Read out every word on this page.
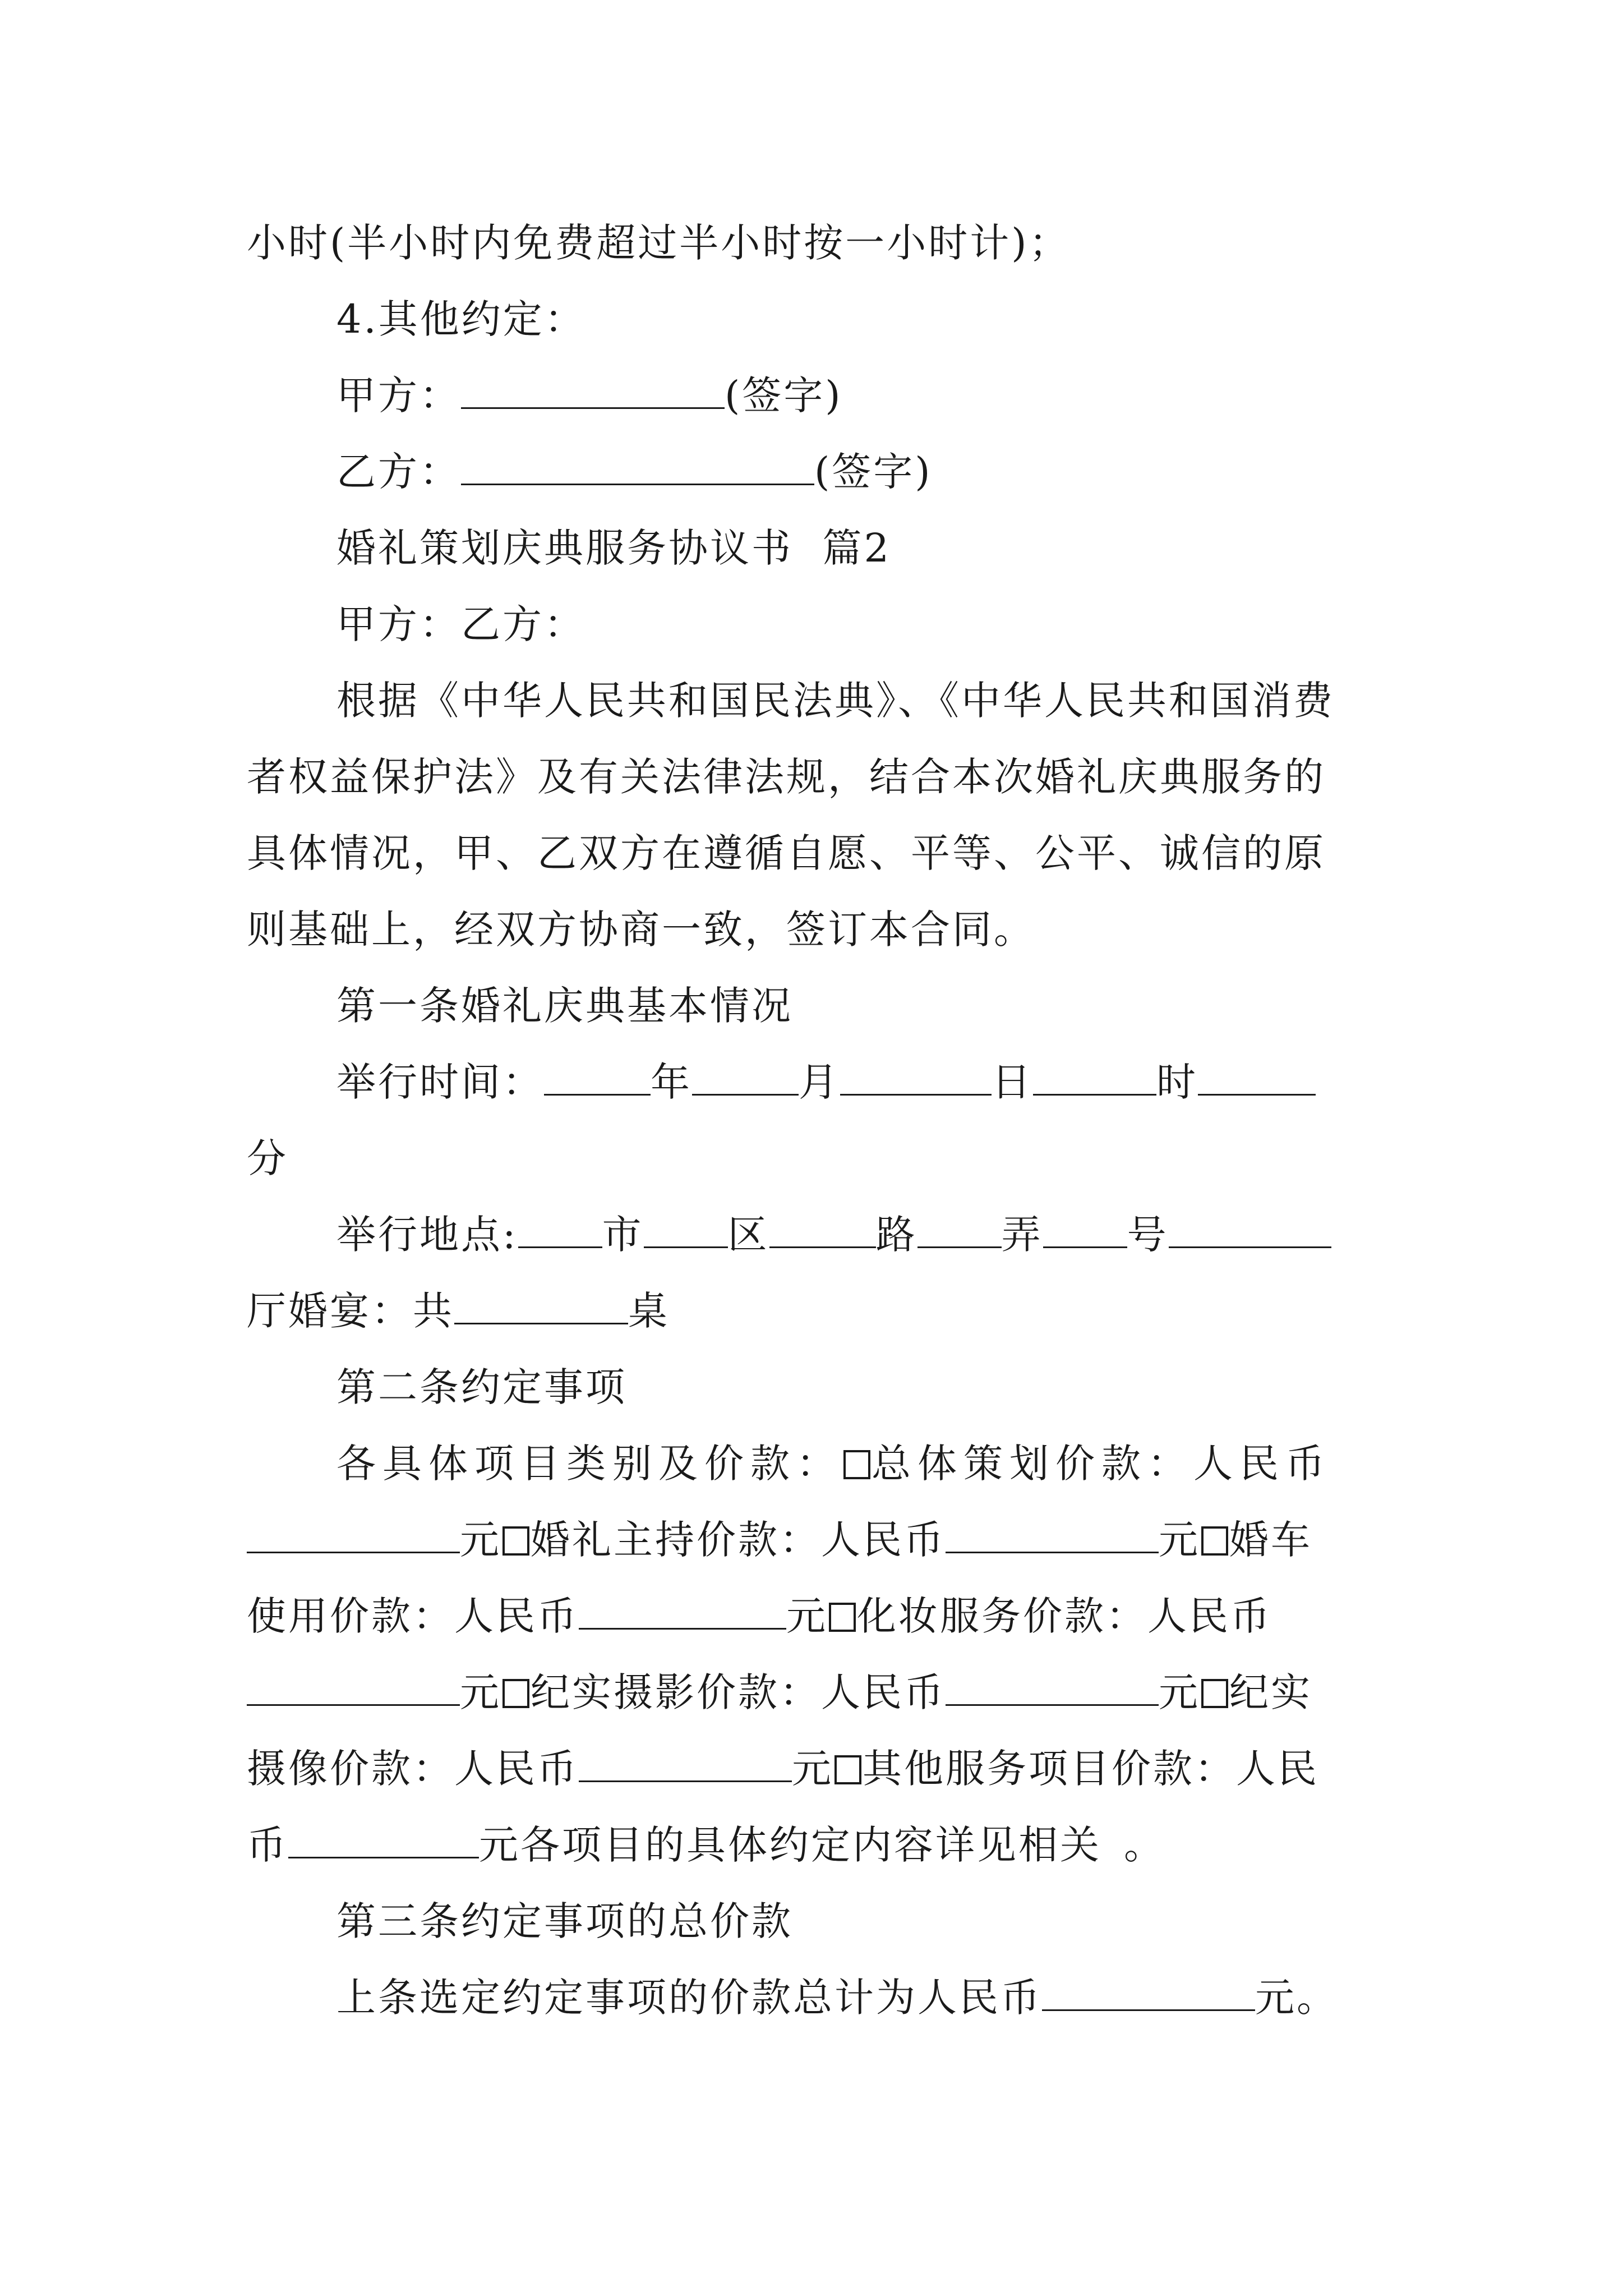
小时(半小时内免费超过半小时按一小时计)；
4.其他约定：
甲方：	(签字)
乙方：	(签字)
婚礼策划庆典服务协议书  篇2
甲方：乙方：
根据《中华人民共和国民法典》、《中华人民共和国消费
者权益保护法》及有关法律法规，结合本次婚礼庆典服务的
具体情况，甲、乙双方在遵循自愿、平等、公平、诚信的原
则基础上，经双方协商一致，签订本合同。
第一条婚礼庆典基本情况
举行时间：	年	月	日	时
分
举行地点: 市 区	路 弄 号
厅婚宴：共	桌
第二条约定事项
各具体项目类别及价款： 总体策划价款：人民币
元 婚礼主持价款：人民币	元 婚车
使用价款：人民币	元 化妆服务价款：人民币
元 纪实摄影价款：人民币	元 纪实
摄像价款：人民币	元 其他服务项目价款：人民
币	元各项目的具体约定内容详见相关 。
第三条约定事项的总价款
上条选定约定事项的价款总计为人民币	元。
